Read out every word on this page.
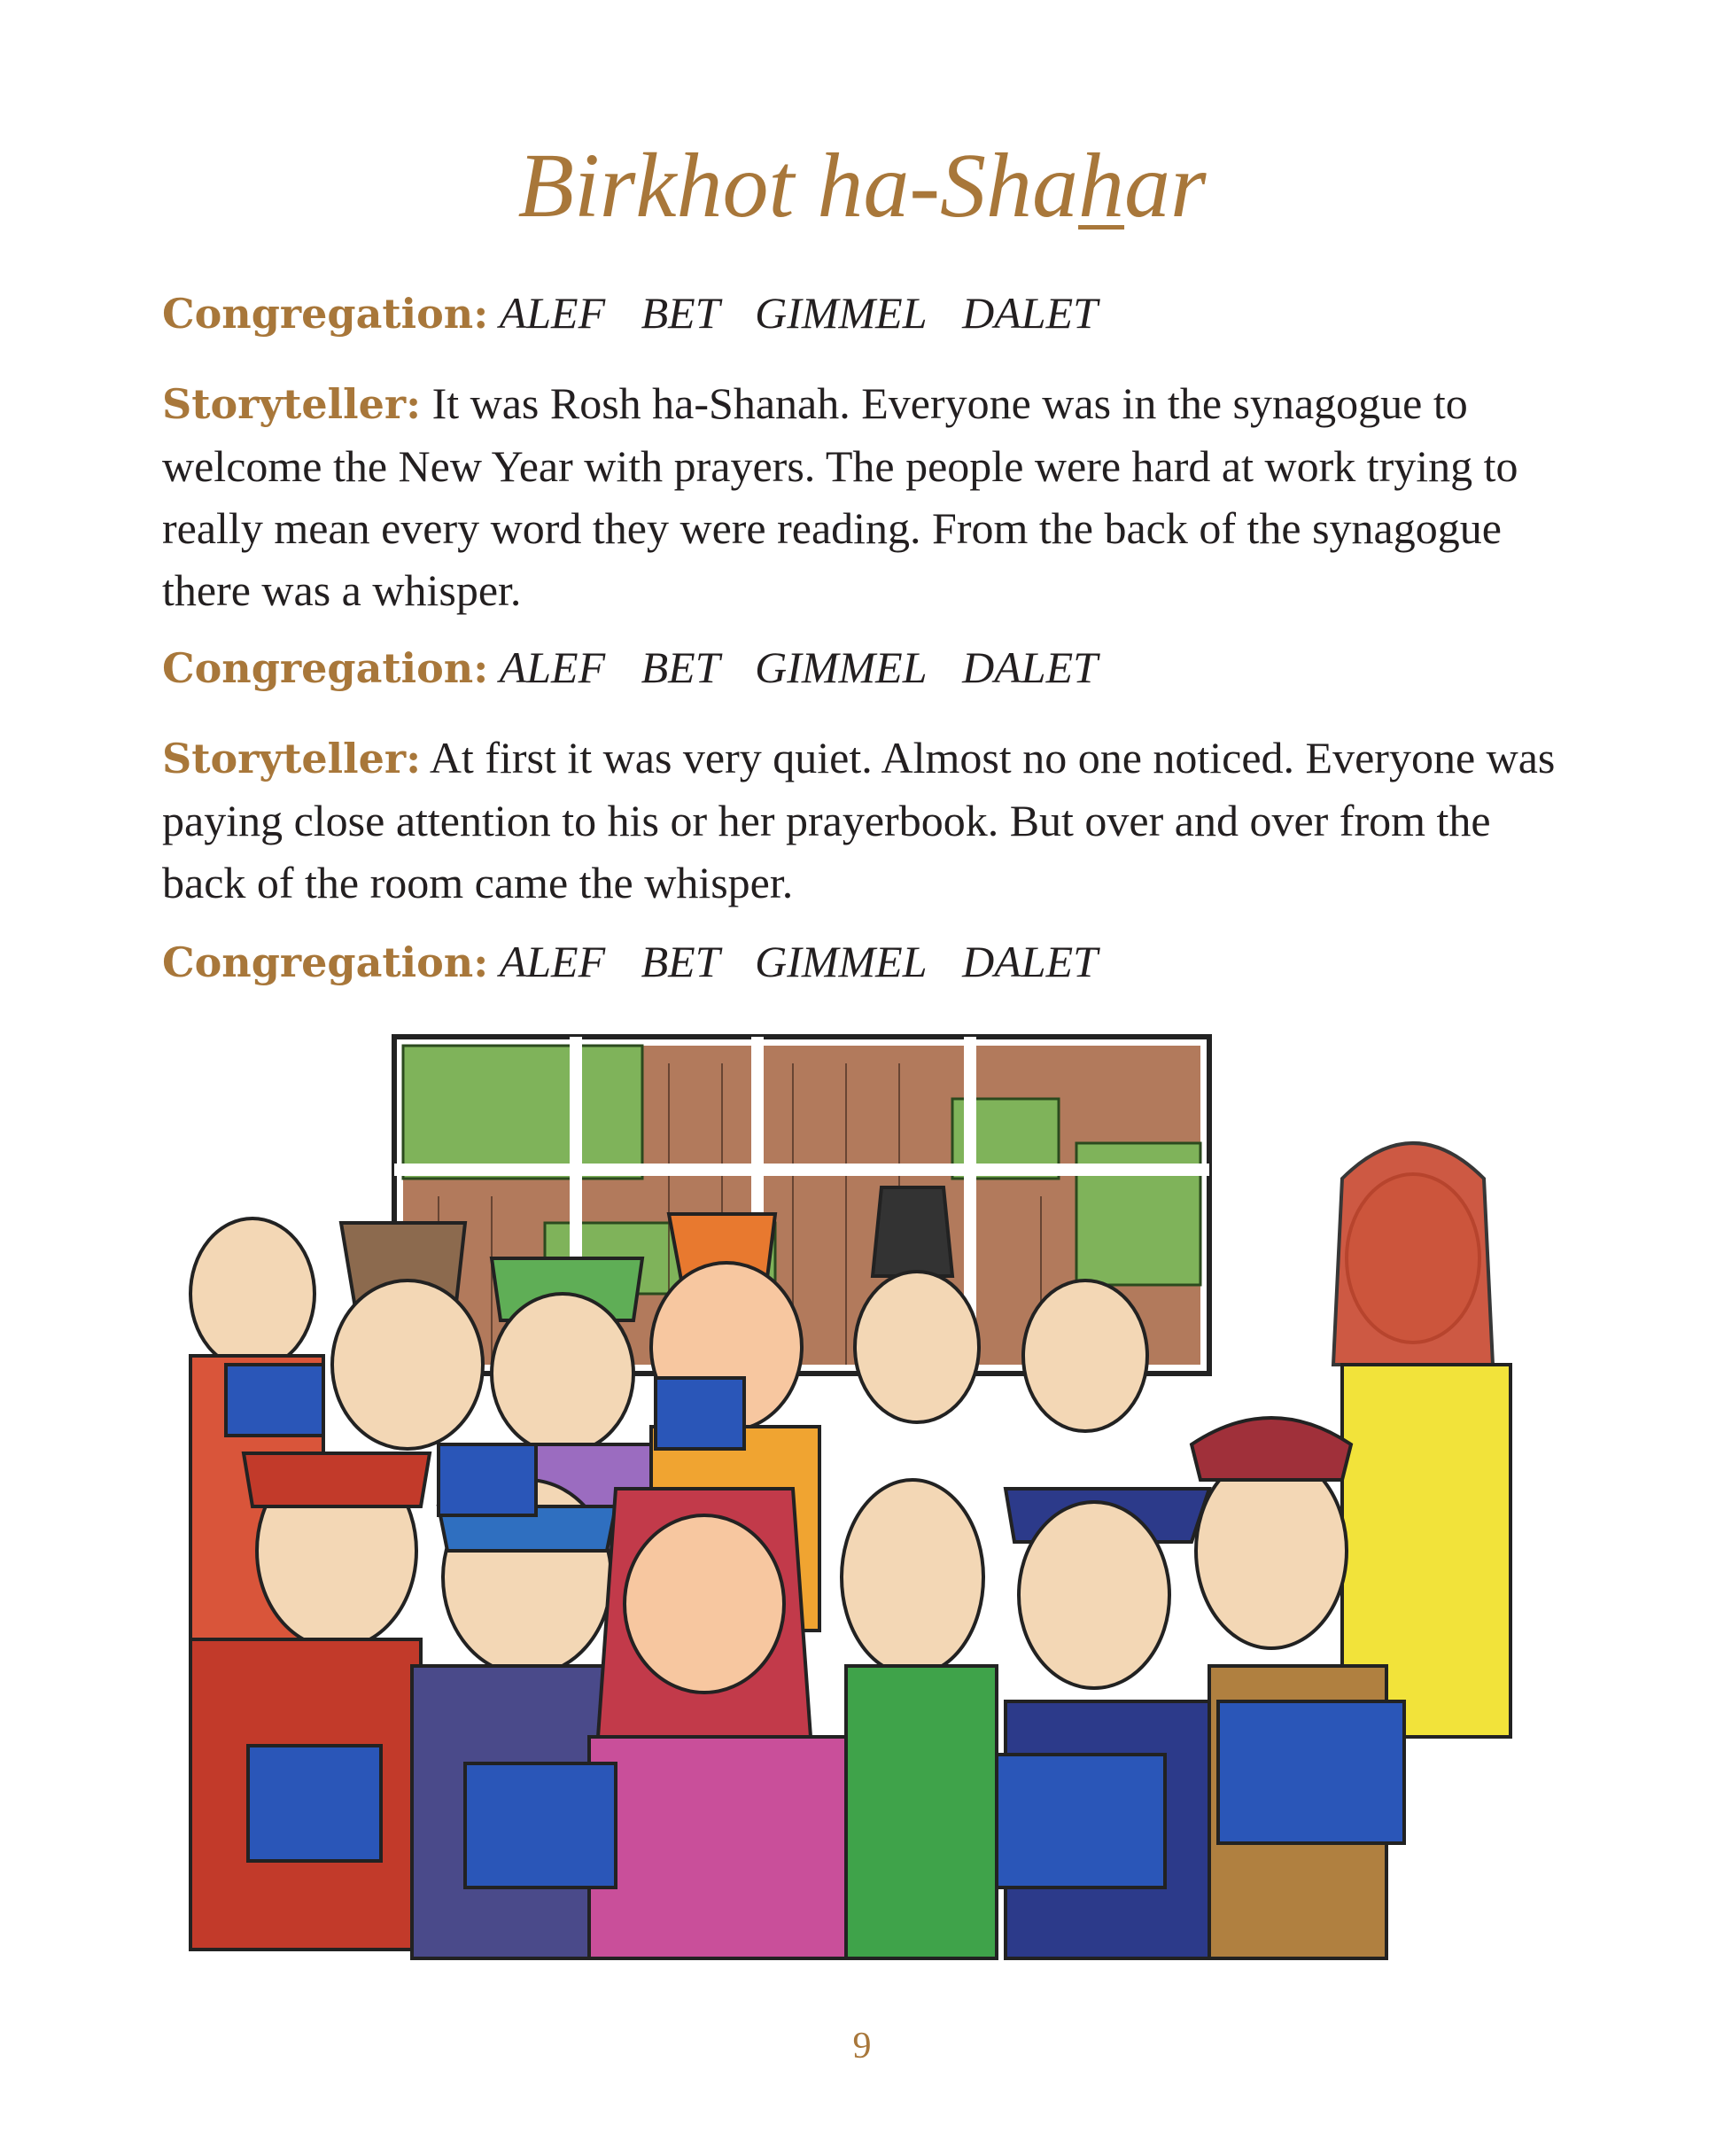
Birkhot ha-Shahar
Congregation: ALEF BET GIMMEL DALET
Storyteller: It was Rosh ha-Shanah. Everyone was in the synagogue to welcome the New Year with prayers. The people were hard at work trying to really mean every word they were reading. From the back of the synagogue there was a whisper.
Congregation: ALEF BET GIMMEL DALET
Storyteller: At first it was very quiet. Almost no one noticed. Everyone was paying close attention to his or her prayerbook. But over and over from the back of the room came the whisper.
Congregation: ALEF BET GIMMEL DALET
9
